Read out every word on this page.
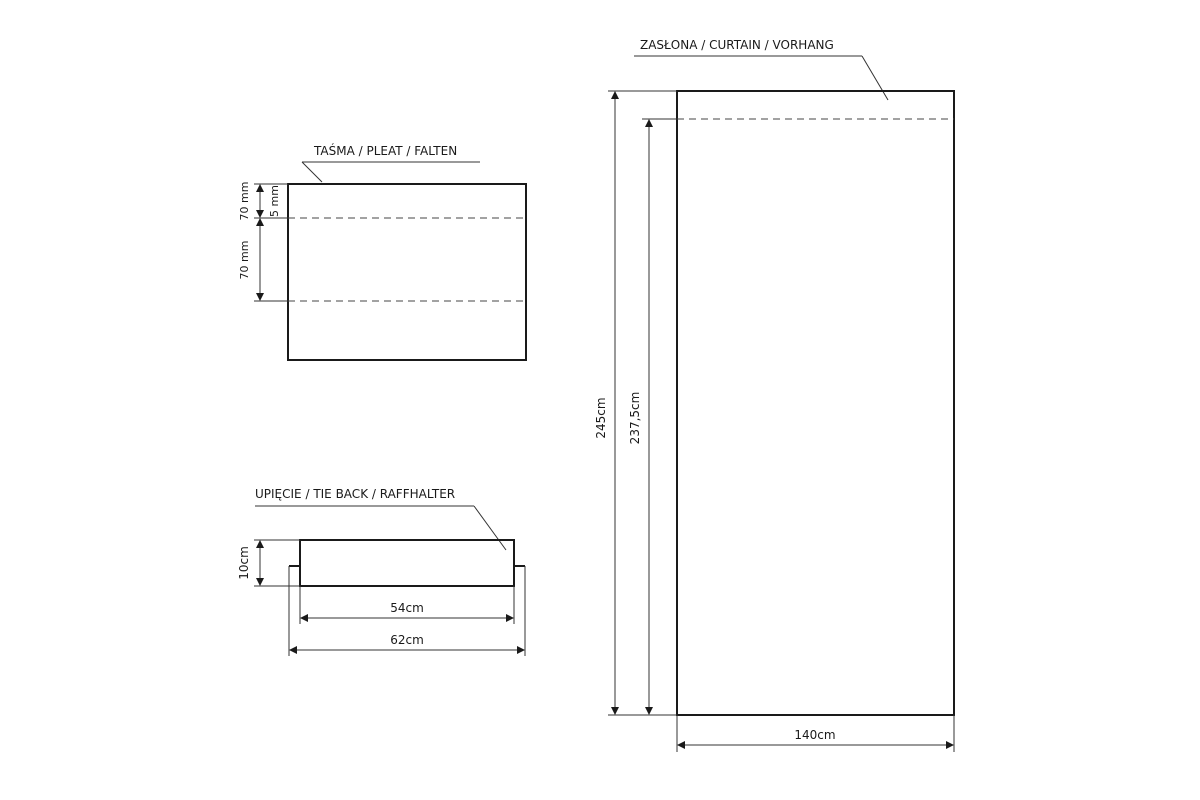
TAŚMA / PLEAT / FALTEN
70 mm 5 mm
70 mm
UPIĘCIE / TIE BACK / RAFFHALTER
10cm
54cm
62cm
ZASŁONA / CURTAIN / VORHANG
245cm 237,5cm
140cm
